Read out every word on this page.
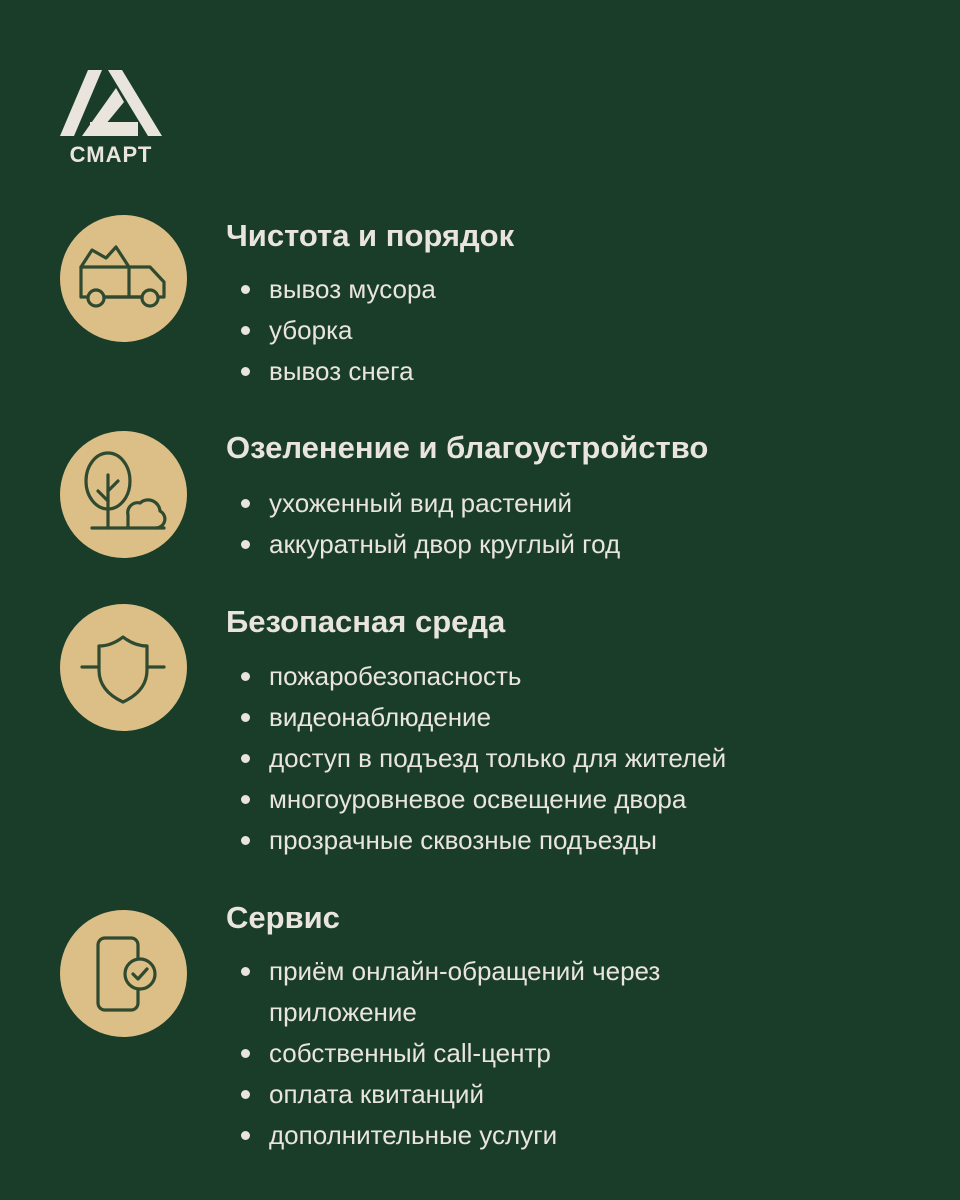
СМАРТ
Чистота и порядок
вывоз мусора
уборка
вывоз снега
Озеленение и благоустройство
ухоженный вид растений
аккуратный двор круглый год
Безопасная среда
пожаробезопасность
видеонаблюдение
доступ в подъезд только для жителей
многоуровневое освещение двора
прозрачные сквозные подъезды
Сервис
приём онлайн-обращений через приложение
собственный call-центр
оплата квитанций
дополнительные услуги
